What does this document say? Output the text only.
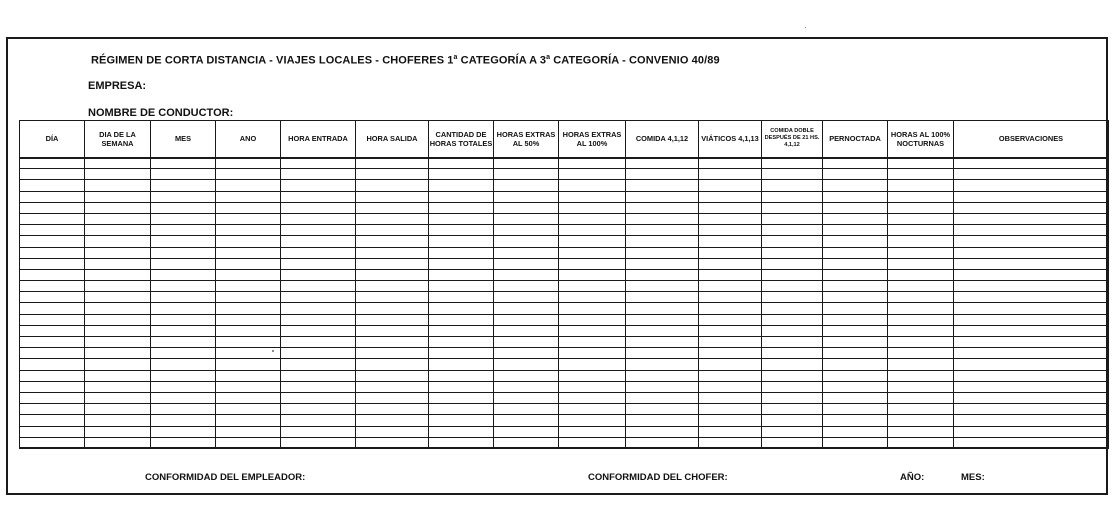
RÉGIMEN DE CORTA DISTANCIA - VIAJES LOCALES - CHOFERES 1$^a$ CATEGORÍA A 3$^a$ CATEGORÍA - CONVENIO 40/89
EMPRESA:
NOMBRE DE CONDUCTOR:
DÍA	DIA DE LA SEMANA	MES	ANO	HORA ENTRADA	HORA SALIDA	CANTIDAD DE HORAS TOTALES	HORAS EXTRAS AL 50%	HORAS EXTRAS AL 100%	COMIDA 4,1,12	VIÁTICOS 4,1,13	COMIDA DOBLE DESPUÉS DE 21 HS. 4,1,12	PERNOCTADA	HORAS AL 100% NOCTURNAS	OBSERVACIONES

CONFORMIDAD DEL EMPLEADOR:	CONFORMIDAD DEL CHOFER:	AÑO:	MES:
